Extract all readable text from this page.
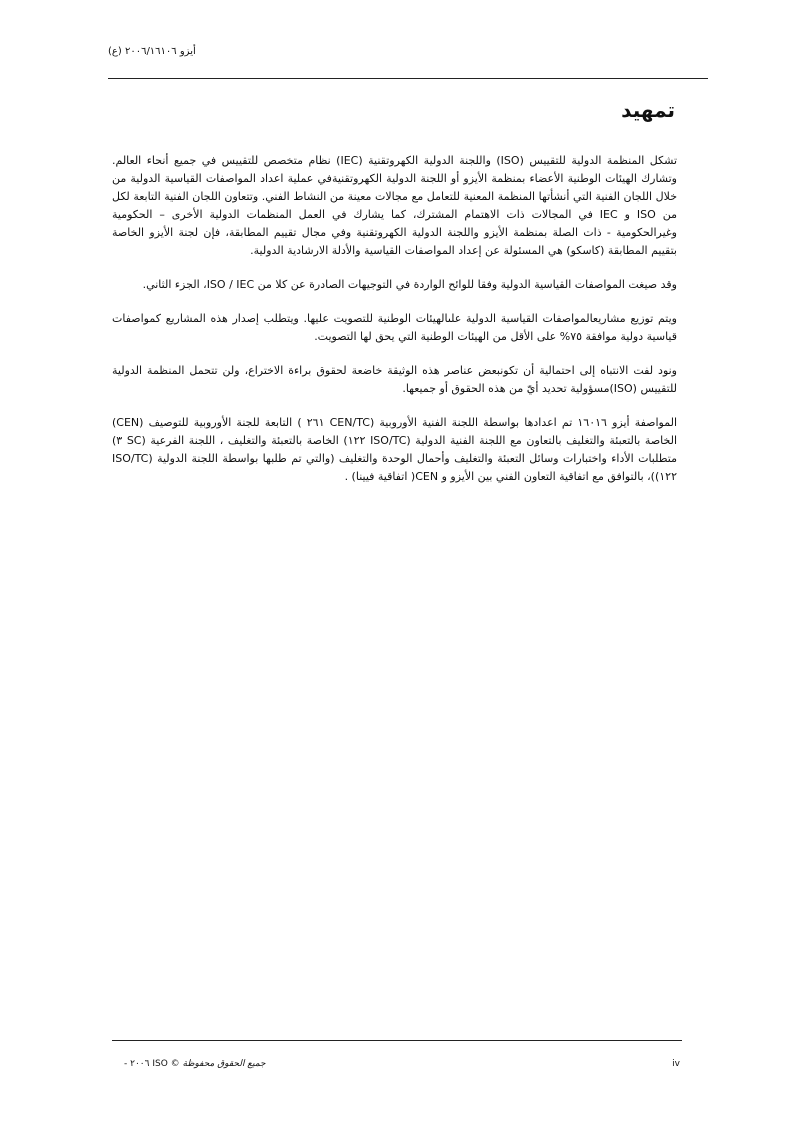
أيزو ٢٠٠٦/١٦١٠٦ (ع)
تمهيد

تشكل المنظمة الدولية للتقييس (ISO) واللجنة الدولية الكهروتقنية (IEC) نظام متخصص للتقييس في جميع أنحاء العالم. وتشارك الهيئات الوطنية الأعضاء بمنظمة الأيزو أو اللجنة الدولية الكهروتقنيةفي عملية اعداد المواصفات القياسية الدولية من خلال اللجان الفنية التي أنشأتها المنظمة المعنية للتعامل مع مجالات معينة من النشاط الفني. وتتعاون اللجان الفنية التابعة لكل من ISO و IEC في المجالات ذات الاهتمام المشترك، كما يشارك في العمل المنظمات الدولية الأخرى – الحكومية وغيرالحكومية - ذات الصلة بمنظمة الأيزو واللجنة الدولية الكهروتقنية وفي مجال تقييم المطابقة، فإن لجنة الأيزو الخاصة بتقييم المطابقة (كاسكو) هي المسئولة عن إعداد المواصفات القياسية والأدلة الارشادية الدولية.

وقد صيغت المواصفات القياسية الدولية وفقا للوائح الواردة في التوجيهات الصادرة عن كلا من ISO / IEC، الجزء الثاني.

ويتم توزيع مشاريعالمواصفات القياسية الدولية علىالهيئات الوطنية للتصويت عليها. ويتطلب إصدار هذه المشاريع كمواصفات قياسية دولية موافقة ٧٥% على الأقل من الهيئات الوطنية التي يحق لها التصويت.

ونود لفت الانتباه إلى احتمالية أن تكونبعض عناصر هذه الوثيقة خاضعة لحقوق براءة الاختراع، ولن تتحمل المنظمة الدولية للتقييس (ISO)مسؤولية تحديد أيّ من هذه الحقوق أو جميعها.

المواصفة أيزو ١٦٠١٦ تم اعدادها بواسطة اللجنة الفنية الأوروبية (CEN/TC ٢٦١ ) التابعة للجنة الأوروبية للتوصيف (CEN) الخاصة بالتعبئة والتغليف بالتعاون مع اللجنة الفنية الدولية (ISO/TC ١٢٢) الخاصة بالتعبئة والتغليف ، اللجنة الفرعية (SC ٣) متطلبات الأداء واختبارات وسائل التعبئة والتغليف وأحمال الوحدة والتغليف (والتي تم طلبها بواسطة اللجنة الدولية (ISO/TC ١٢٢))، بالتوافق مع اتفاقية التعاون الفني بين الأيزو و CEN( اتفاقية فيينا) .

جميع الحقوق محفوظة © ISO ٢٠٠٦ -	iv
